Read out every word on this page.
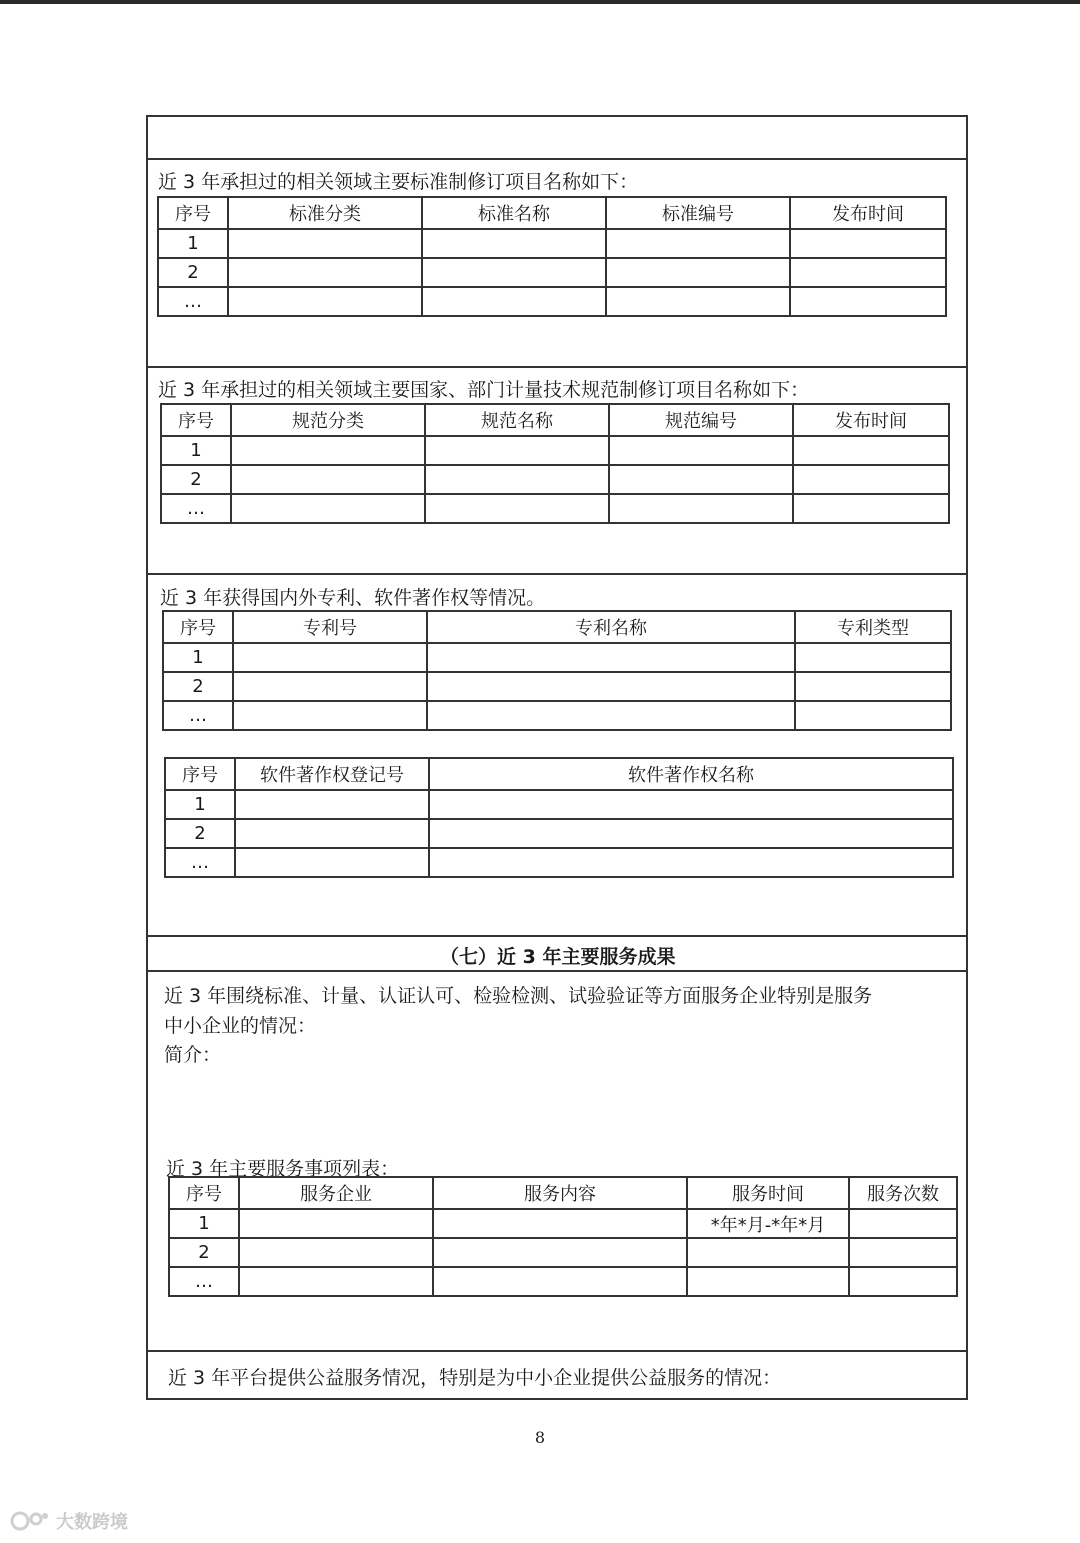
近 3 年承担过的相关领域主要标准制修订项目名称如下：
序号	标准分类	标准名称	标准编号	发布时间
1				
2				
…				
近 3 年承担过的相关领域主要国家、部门计量技术规范制修订项目名称如下：
序号	规范分类	规范名称	规范编号	发布时间
1				
2				
…				
近 3 年获得国内外专利、软件著作权等情况。
序号	专利号	专利名称	专利类型
1			
2			
…			
序号	软件著作权登记号	软件著作权名称
1		
2		
…		
（七）近 3 年主要服务成果
近 3 年围绕标准、计量、认证认可、检验检测、试验验证等方面服务企业特别是服务
中小企业的情况：
简介：
近 3 年主要服务事项列表：
序号	服务企业	服务内容	服务时间	服务次数
1			*年*月-*年*月	
2				
…				
近 3 年平台提供公益服务情况，特别是为中小企业提供公益服务的情况：
8
大数跨境
